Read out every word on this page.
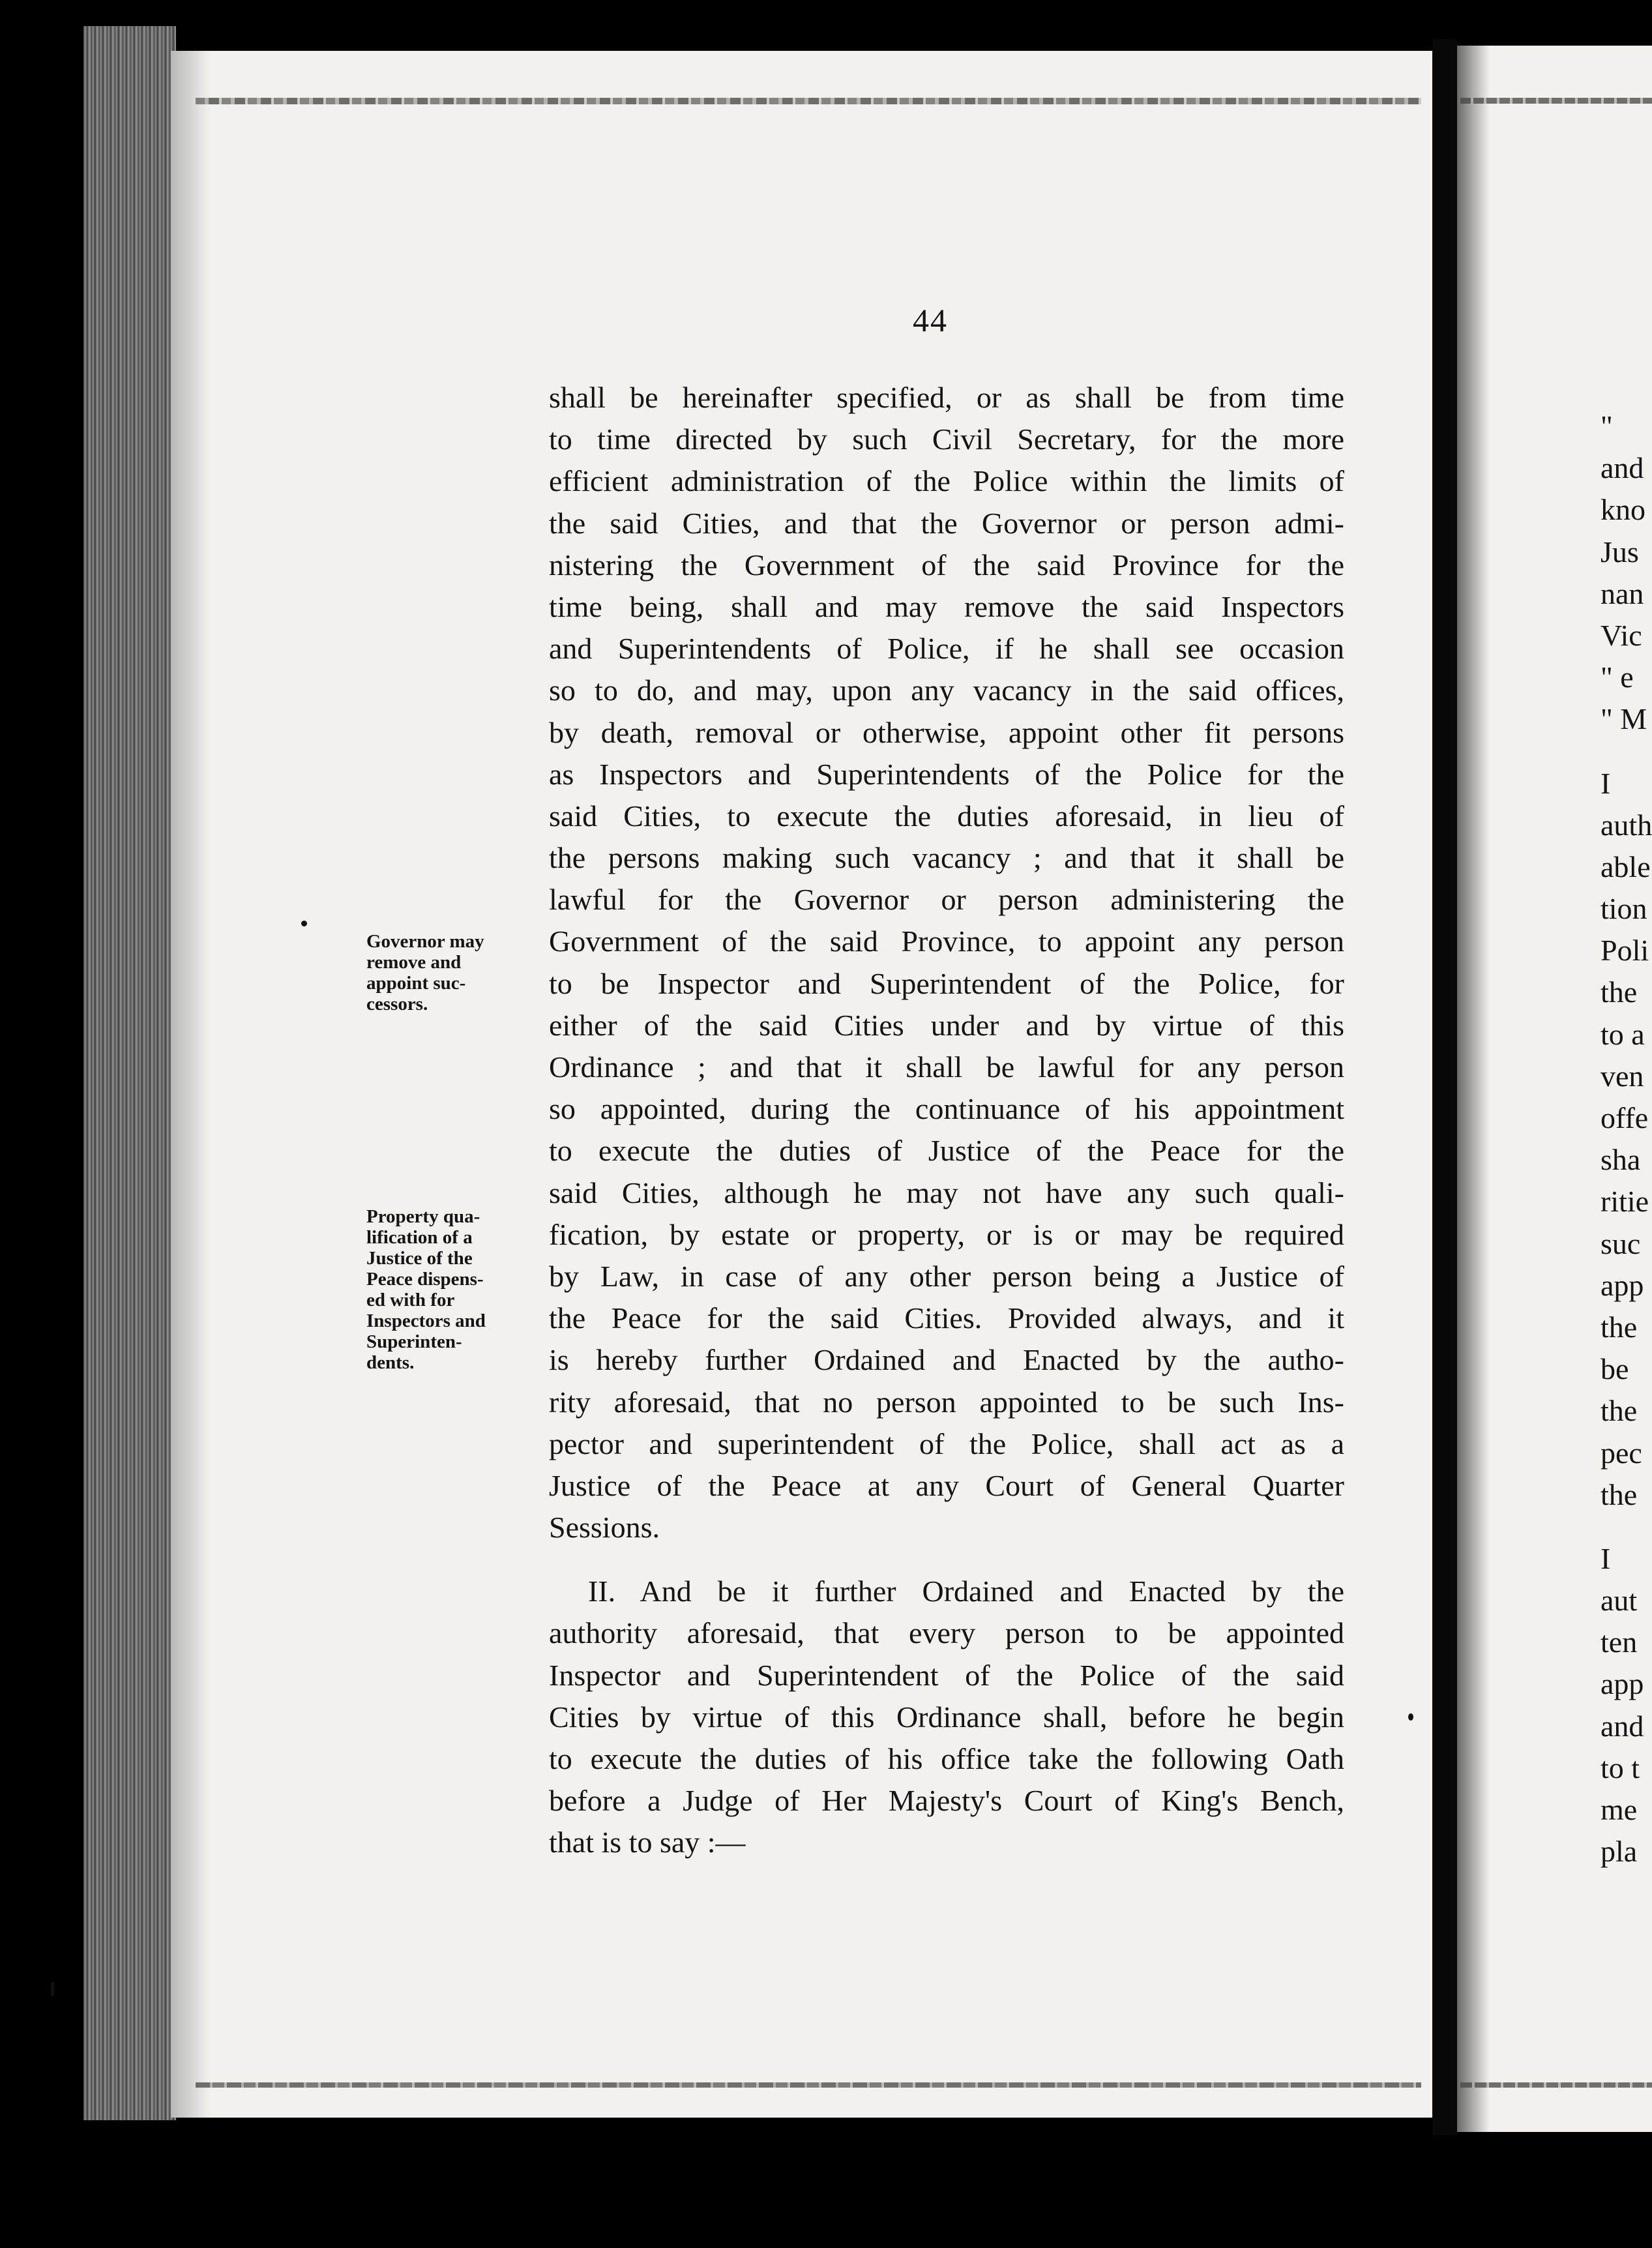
44
shall be hereinafter specified, or as shall be from time
to time directed by such Civil Secretary, for the more
efficient administration of the Police within the limits of
the said Cities, and that the Governor or person admi-
nistering the Government of the said Province for the
time being, shall and may remove the said Inspectors
and Superintendents of Police, if he shall see occasion
so to do, and may, upon any vacancy in the said offices,
by death, removal or otherwise, appoint other fit persons
as Inspectors and Superintendents of the Police for the
said Cities, to execute the duties aforesaid, in lieu of
the persons making such vacancy ; and that it shall be
lawful for the Governor or person administering the
Government of the said Province, to appoint any person
to be Inspector and Superintendent of the Police, for
either of the said Cities under and by virtue of this
Ordinance ; and that it shall be lawful for any person
so appointed, during the continuance of his appointment
to execute the duties of Justice of the Peace for the
said Cities, although he may not have any such quali-
fication, by estate or property, or is or may be required
by Law, in case of any other person being a Justice of
the Peace for the said Cities. Provided always, and it
is hereby further Ordained and Enacted by the autho-
rity aforesaid, that no person appointed to be such Ins-
pector and superintendent of the Police, shall act as a
Justice of the Peace at any Court of General Quarter
Sessions.
II. And be it further Ordained and Enacted by the
authority aforesaid, that every person to be appointed
Inspector and Superintendent of the Police of the said
Cities by virtue of this Ordinance shall, before he begin
to execute the duties of his office take the following Oath
before a Judge of Her Majesty's Court of King's Bench,
that is to say :—
Governor may
remove and
appoint suc-
cessors.
Property qua-
lification of a
Justice of the
Peace dispens-
ed with for
Inspectors and
Superinten-
dents.
"
and
kno
Jus
nan
Vic
" e
" M
I
auth
able
tion
Poli
the
to a
ven
offe
sha
ritie
suc
app
the
be
the
pec
the
I
aut
ten
app
and
to t
me
pla
